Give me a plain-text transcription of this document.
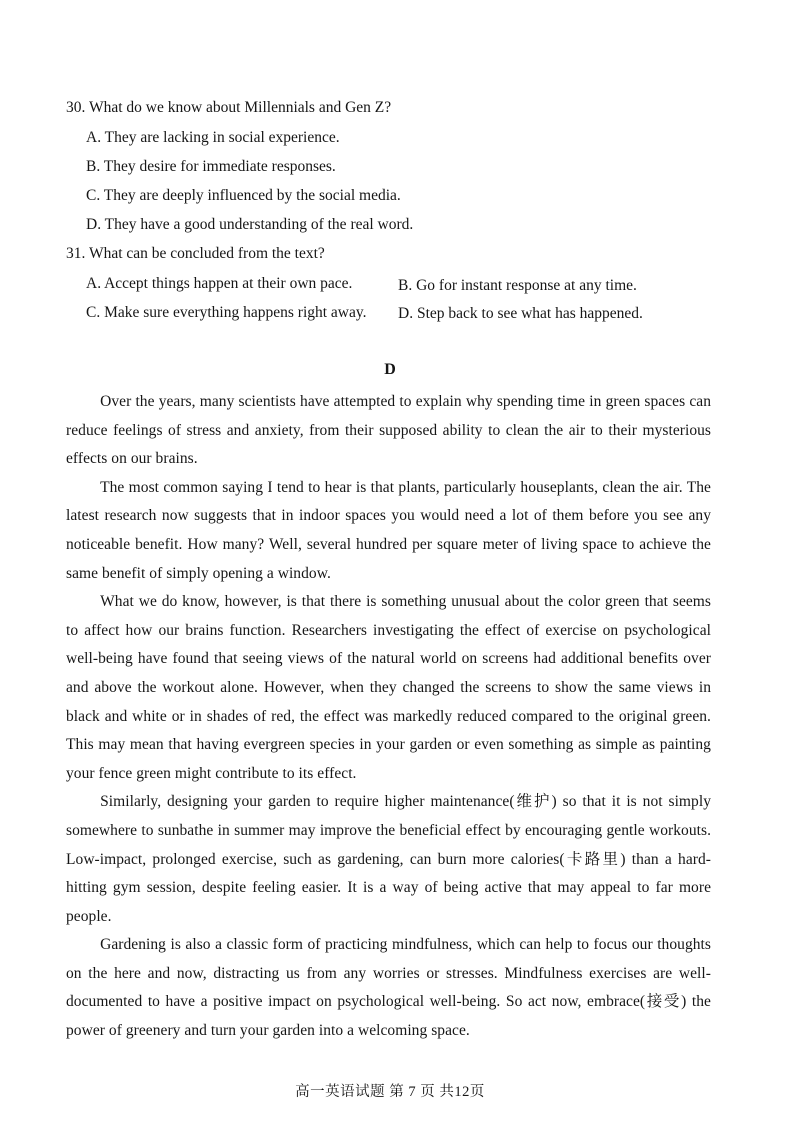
30. What do we know about Millennials and Gen Z?
A. They are lacking in social experience.
B. They desire for immediate responses.
C. They are deeply influenced by the social media.
D. They have a good understanding of the real word.
31. What can be concluded from the text?
A. Accept things happen at their own pace.	B. Go for instant response at any time.
C. Make sure everything happens right away. D. Step back to see what has happened.
D

Over the years, many scientists have attempted to explain why spending time in green spaces can reduce feelings of stress and anxiety, from their supposed ability to clean the air to their mysterious effects on our brains.

The most common saying I tend to hear is that plants, particularly houseplants, clean the air. The latest research now suggests that in indoor spaces you would need a lot of them before you see any noticeable benefit. How many? Well, several hundred per square meter of living space to achieve the same benefit of simply opening a window.

What we do know, however, is that there is something unusual about the color green that seems to affect how our brains function. Researchers investigating the effect of exercise on psychological well-being have found that seeing views of the natural world on screens had additional benefits over and above the workout alone. However, when they changed the screens to show the same views in black and white or in shades of red, the effect was markedly reduced compared to the original green. This may mean that having evergreen species in your garden or even something as simple as painting your fence green might contribute to its effect.

Similarly, designing your garden to require higher maintenance(维护) so that it is not simply somewhere to sunbathe in summer may improve the beneficial effect by encouraging gentle workouts. Low-impact, prolonged exercise, such as gardening, can burn more calories(卡路里) than a hard-hitting gym session, despite feeling easier. It is a way of being active that may appeal to far more people.

Gardening is also a classic form of practicing mindfulness, which can help to focus our thoughts on the here and now, distracting us from any worries or stresses. Mindfulness exercises are well-documented to have a positive impact on psychological well-being. So act now, embrace(接受) the power of greenery and turn your garden into a welcoming space.

高一英语试题 第 7 页 共12页
